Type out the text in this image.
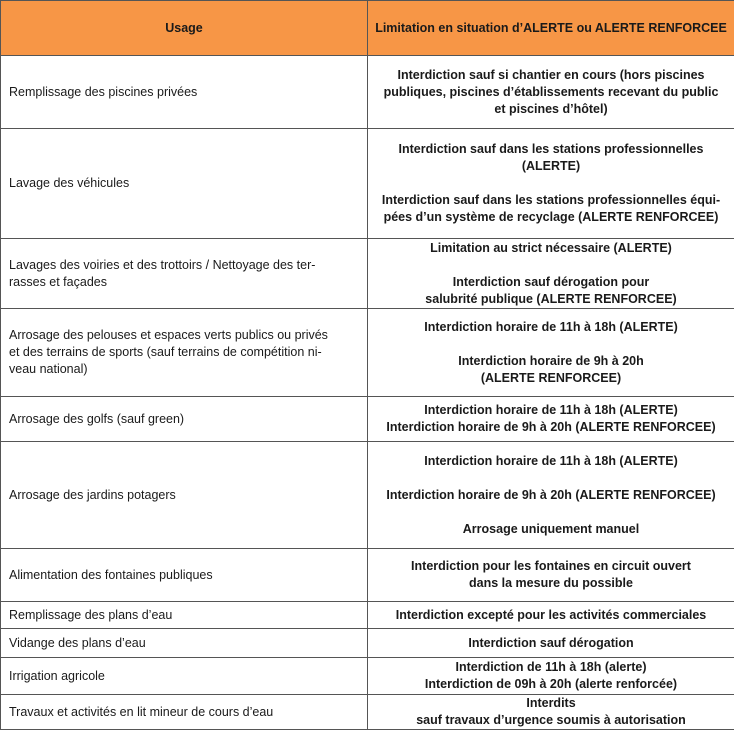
Usage	Limitation en situation d’ALERTE ou ALERTE RENFORCEE

Remplissage des piscines privées	Interdiction sauf si chantier en cours (hors piscines
publiques, piscines d’établissements recevant du public
et piscines d’hôtel)

Lavage des véhicules	Interdiction sauf dans les stations professionnelles
(ALERTE)
Interdiction sauf dans les stations professionnelles équi-
pées d’un système de recyclage (ALERTE RENFORCEE)

Lavages des voiries et des trottoirs / Nettoyage des ter-
rasses et façades	Limitation au strict nécessaire (ALERTE)
Interdiction sauf dérogation pour
salubrité publique (ALERTE RENFORCEE)

Arrosage des pelouses et espaces verts publics ou privés
et des terrains de sports (sauf terrains de compétition ni-
veau national)	Interdiction horaire de 11h à 18h (ALERTE)
Interdiction horaire de 9h à 20h
(ALERTE RENFORCEE)

Arrosage des golfs (sauf green)	Interdiction horaire de 11h à 18h (ALERTE)
Interdiction horaire de 9h à 20h (ALERTE RENFORCEE)

Arrosage des jardins potagers	Interdiction horaire de 11h à 18h (ALERTE)
Interdiction horaire de 9h à 20h (ALERTE RENFORCEE)
Arrosage uniquement manuel

Alimentation des fontaines publiques	Interdiction pour les fontaines en circuit ouvert
dans la mesure du possible

Remplissage des plans d’eau	Interdiction excepté pour les activités commerciales

Vidange des plans d’eau	Interdiction sauf dérogation

Irrigation agricole	Interdiction de 11h à 18h (alerte)
Interdiction de 09h à 20h (alerte renforcée)

Travaux et activités en lit mineur de cours d’eau	Interdits
sauf travaux d’urgence soumis à autorisation
